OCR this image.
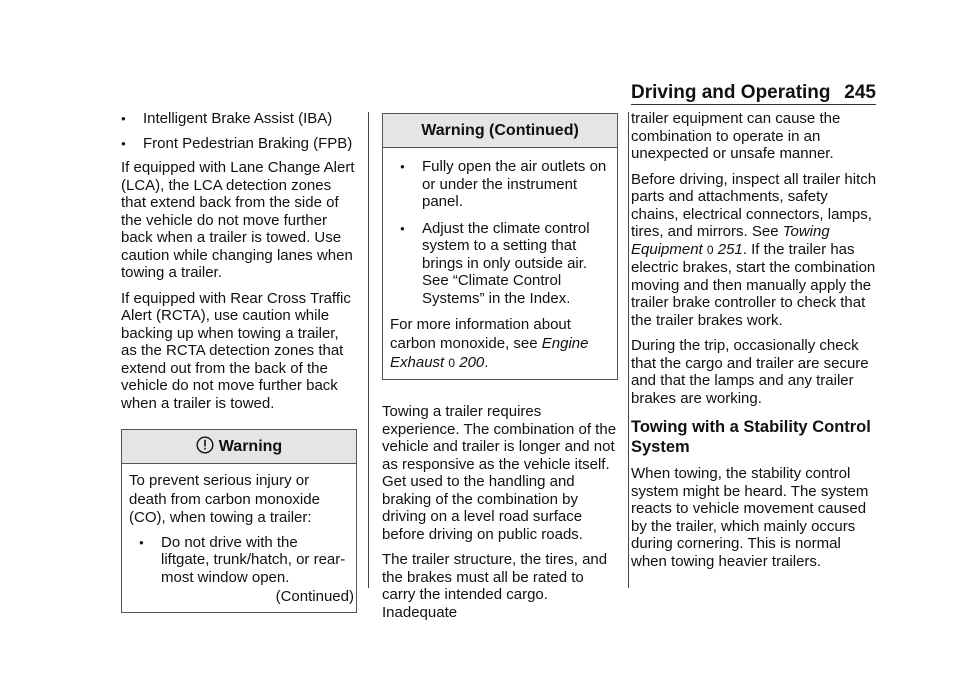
Driving and Operating 245
●	Intelligent Brake Assist (IBA)
●	Front Pedestrian Braking (FPB)

If equipped with Lane Change Alert (LCA), the LCA detection zones that extend back from the side of the vehicle do not move further back when a trailer is towed. Use caution while changing lanes when towing a trailer.

If equipped with Rear Cross Traffic Alert (RCTA), use caution while backing up when towing a trailer, as the RCTA detection zones that extend out from the back of the vehicle do not move further back when a trailer is towed.

Warning

To prevent serious injury or death from carbon monoxide (CO), when towing a trailer:

●	Do not drive with the liftgate, trunk/hatch, or rear-most window open.

(Continued)

Warning (Continued)
●	Fully open the air outlets on or under the instrument panel.
●	Adjust the climate control system to a setting that brings in only outside air. See “Climate Control Systems” in the Index.

For more information about carbon monoxide, see Engine Exhaust 0 200.

Towing a trailer requires experience. The combination of the vehicle and trailer is longer and not as responsive as the vehicle itself. Get used to the handling and braking of the combination by driving on a level road surface before driving on public roads.

The trailer structure, the tires, and the brakes must all be rated to carry the intended cargo. Inadequate

trailer equipment can cause the combination to operate in an unexpected or unsafe manner.

Before driving, inspect all trailer hitch parts and attachments, safety chains, electrical connectors, lamps, tires, and mirrors. See Towing Equipment 0 251. If the trailer has electric brakes, start the combination moving and then manually apply the trailer brake controller to check that the trailer brakes work.

During the trip, occasionally check that the cargo and trailer are secure and that the lamps and any trailer brakes are working.

Towing with a Stability Control System

When towing, the stability control system might be heard. The system reacts to vehicle movement caused by the trailer, which mainly occurs during cornering. This is normal when towing heavier trailers.
